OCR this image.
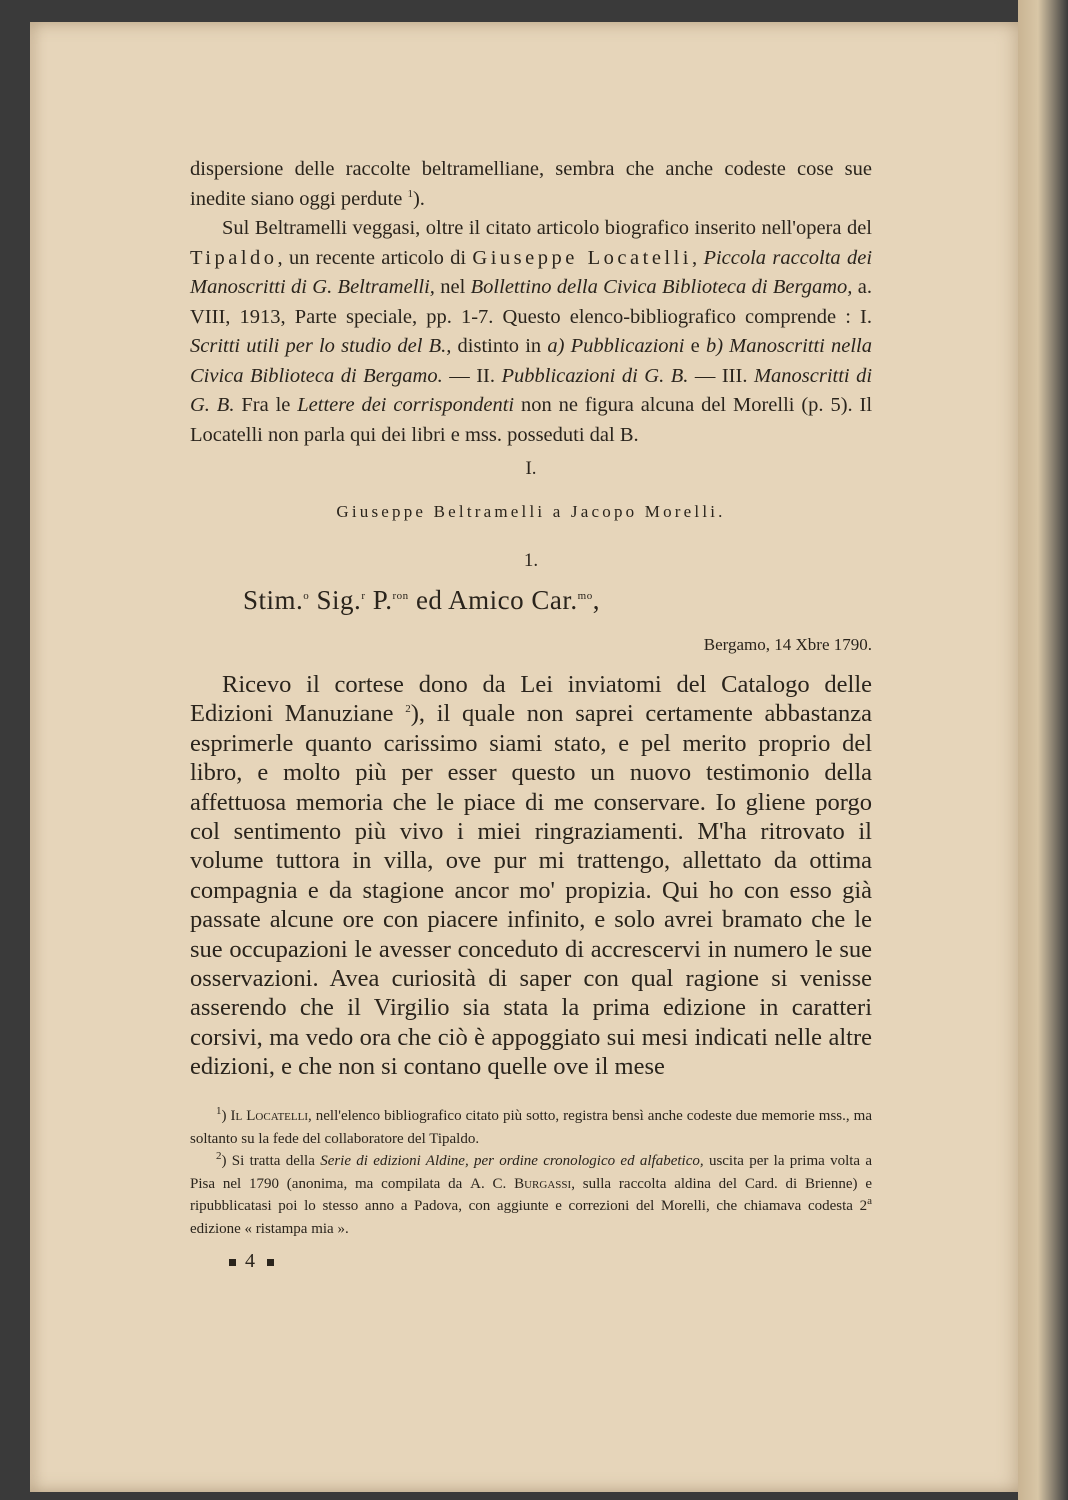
dispersione delle raccolte beltramelliane, sembra che anche codeste cose sue inedite siano oggi perdute $^1$).

Sul Beltramelli veggasi, oltre il citato articolo biografico inserito nell'opera del Tipaldo, un recente articolo di Giuseppe Locatelli, Piccola raccolta dei Manoscritti di G. Beltramelli, nel Bollettino della Civica Biblioteca di Bergamo, a. VIII, 1913, Parte speciale, pp. 1-7. Questo elenco-bibliografico comprende : I. Scritti utili per lo studio del B., distinto in a) Pubblicazioni e b) Manoscritti nella Civica Biblioteca di Bergamo. — II. Pubblicazioni di G. B. — III. Manoscritti di G. B. Fra le Lettere dei corrispondenti non ne figura alcuna del Morelli (p. 5). Il Locatelli non parla qui dei libri e mss. posseduti dal B.

I.
Giuseppe Beltramelli a Jacopo Morelli.
1.
Stim.$^o$ Sig.$^r$ P.$^{ron}$ ed Amico Car.$^{mo}$,
Bergamo, 14 Xbre 1790.

Ricevo il cortese dono da Lei inviatomi del Catalogo delle Edizioni Manuziane $^2$), il quale non saprei certamente abbastanza esprimerle quanto carissimo siami stato, e pel merito proprio del libro, e molto più per esser questo un nuovo testimonio della affettuosa memoria che le piace di me conservare. Io gliene porgo col sentimento più vivo i miei ringraziamenti. M'ha ritrovato il volume tuttora in villa, ove pur mi trattengo, allettato da ottima compagnia e da stagione ancor mo' propizia. Qui ho con esso già passate alcune ore con piacere infinito, e solo avrei bramato che le sue occupazioni le avesser conceduto di accrescervi in numero le sue osservazioni. Avea curiosità di saper con qual ragione si venisse asserendo che il Virgilio sia stata la prima edizione in caratteri corsivi, ma vedo ora che ciò è appoggiato sui mesi indicati nelle altre edizioni, e che non si contano quelle ove il mese

$^1$) Il Locatelli, nell'elenco bibliografico citato più sotto, registra bensì anche codeste due memorie mss., ma soltanto su la fede del collaboratore del Tipaldo.

$^2$) Si tratta della Serie di edizioni Aldine, per ordine cronologico ed alfabetico, uscita per la prima volta a Pisa nel 1790 (anonima, ma compilata da A. C. Burgassi, sulla raccolta aldina del Card. di Brienne) e ripubblicatasi poi lo stesso anno a Padova, con aggiunte e correzioni del Morelli, che chiamava codesta 2$^a$ edizione « ristampa mia ».

4
